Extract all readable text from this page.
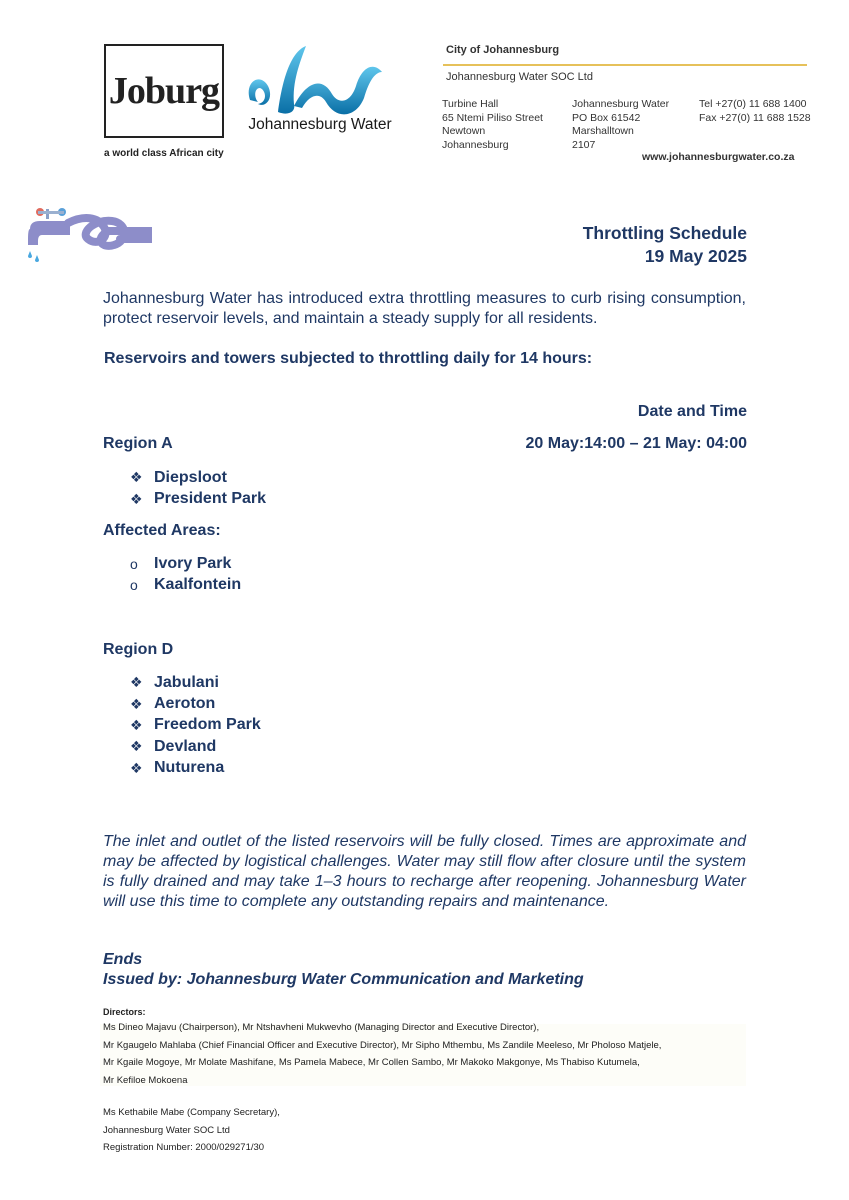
Joburg
a world class African city
Johannesburg Water
City of Johannesburg
Johannesburg Water SOC Ltd
Turbine Hall
65 Ntemi Piliso Street
Newtown
Johannesburg
Johannesburg Water
PO Box 61542
Marshalltown
2107
Tel +27(0) 11 688 1400
Fax +27(0) 11 688 1528
www.johannesburgwater.co.za
Throttling Schedule
19 May 2025
Johannesburg Water has introduced extra throttling measures to curb rising consumption, protect reservoir levels, and maintain a steady supply for all residents.
Reservoirs and towers subjected to throttling daily for 14 hours:
Date and Time
Region A	20 May:14:00 – 21 May: 04:00
❖ Diepsloot
❖ President Park
Affected Areas:
o	Ivory Park
o	Kaalfontein
Region D
❖ Jabulani
❖ Aeroton
❖ Freedom Park
❖ Devland
❖ Nuturena
The inlet and outlet of the listed reservoirs will be fully closed. Times are approximate and may be affected by logistical challenges. Water may still flow after closure until the system is fully drained and may take 1–3 hours to recharge after reopening. Johannesburg Water will use this time to complete any outstanding repairs and maintenance.
Ends
Issued by: Johannesburg Water Communication and Marketing
Directors:
Ms Dineo Majavu (Chairperson), Mr Ntshavheni Mukwevho (Managing Director and Executive Director),
Mr Kgaugelo Mahlaba (Chief Financial Officer and Executive Director), Mr Sipho Mthembu, Ms Zandile Meeleso, Mr Pholoso Matjele,
Mr Kgaile Mogoye, Mr Molate Mashifane, Ms Pamela Mabece, Mr Collen Sambo, Mr Makoko Makgonye, Ms Thabiso Kutumela,
Mr Kefiloe Mokoena
Ms Kethabile Mabe (Company Secretary),
Johannesburg Water SOC Ltd
Registration Number: 2000/029271/30
